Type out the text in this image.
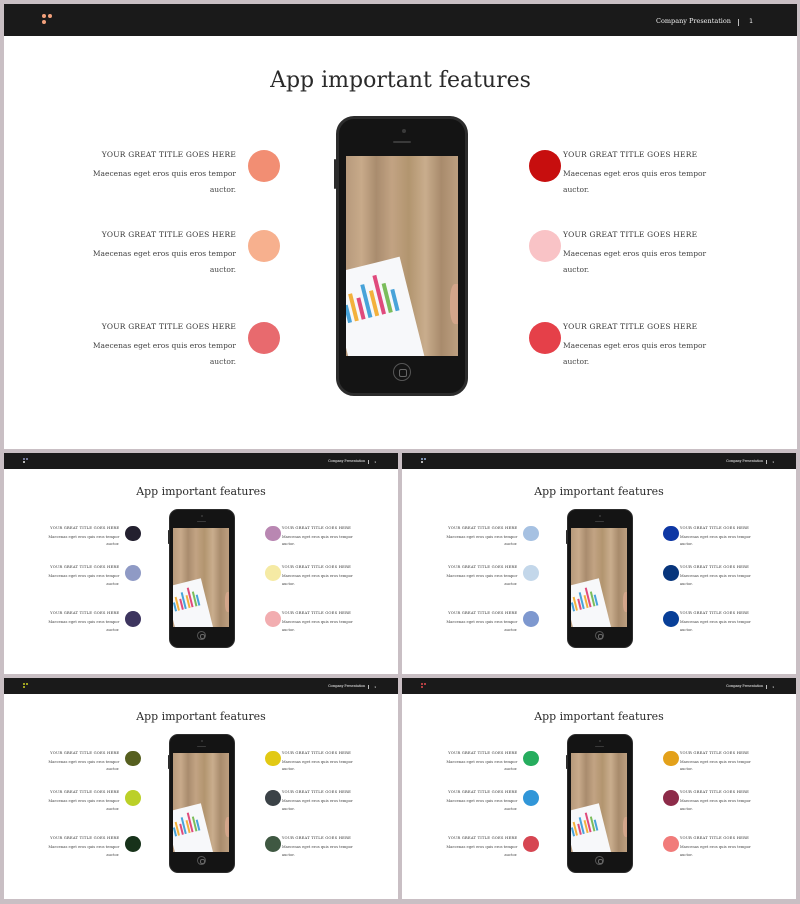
Company Presentation	1
App important features
YOUR GREAT TITLE GOES HERE
Maecenas eget eros quis eros tempor
auctor.
YOUR GREAT TITLE GOES HERE
Maecenas eget eros quis eros tempor
auctor.
YOUR GREAT TITLE GOES HERE
Maecenas eget eros quis eros tempor
auctor.
YOUR GREAT TITLE GOES HERE
Maecenas eget eros quis eros tempor
auctor.
YOUR GREAT TITLE GOES HERE
Maecenas eget eros quis eros tempor
auctor.
YOUR GREAT TITLE GOES HERE
Maecenas eget eros quis eros tempor
auctor.
Company Presentation	1
App important features
YOUR GREAT TITLE GOES HERE
Maecenas eget eros quis eros tempor
auctor.
YOUR GREAT TITLE GOES HERE
Maecenas eget eros quis eros tempor
auctor.
YOUR GREAT TITLE GOES HERE
Maecenas eget eros quis eros tempor
auctor.
YOUR GREAT TITLE GOES HERE
Maecenas eget eros quis eros tempor
auctor.
YOUR GREAT TITLE GOES HERE
Maecenas eget eros quis eros tempor
auctor.
YOUR GREAT TITLE GOES HERE
Maecenas eget eros quis eros tempor
auctor.
Company Presentation	1
App important features
YOUR GREAT TITLE GOES HERE
Maecenas eget eros quis eros tempor
auctor.
YOUR GREAT TITLE GOES HERE
Maecenas eget eros quis eros tempor
auctor.
YOUR GREAT TITLE GOES HERE
Maecenas eget eros quis eros tempor
auctor.
YOUR GREAT TITLE GOES HERE
Maecenas eget eros quis eros tempor
auctor.
YOUR GREAT TITLE GOES HERE
Maecenas eget eros quis eros tempor
auctor.
YOUR GREAT TITLE GOES HERE
Maecenas eget eros quis eros tempor
auctor.
Company Presentation	1
App important features
YOUR GREAT TITLE GOES HERE
Maecenas eget eros quis eros tempor
auctor.
YOUR GREAT TITLE GOES HERE
Maecenas eget eros quis eros tempor
auctor.
YOUR GREAT TITLE GOES HERE
Maecenas eget eros quis eros tempor
auctor.
YOUR GREAT TITLE GOES HERE
Maecenas eget eros quis eros tempor
auctor.
YOUR GREAT TITLE GOES HERE
Maecenas eget eros quis eros tempor
auctor.
YOUR GREAT TITLE GOES HERE
Maecenas eget eros quis eros tempor
auctor.
Company Presentation	1
App important features
YOUR GREAT TITLE GOES HERE
Maecenas eget eros quis eros tempor
auctor.
YOUR GREAT TITLE GOES HERE
Maecenas eget eros quis eros tempor
auctor.
YOUR GREAT TITLE GOES HERE
Maecenas eget eros quis eros tempor
auctor.
YOUR GREAT TITLE GOES HERE
Maecenas eget eros quis eros tempor
auctor.
YOUR GREAT TITLE GOES HERE
Maecenas eget eros quis eros tempor
auctor.
YOUR GREAT TITLE GOES HERE
Maecenas eget eros quis eros tempor
auctor.
